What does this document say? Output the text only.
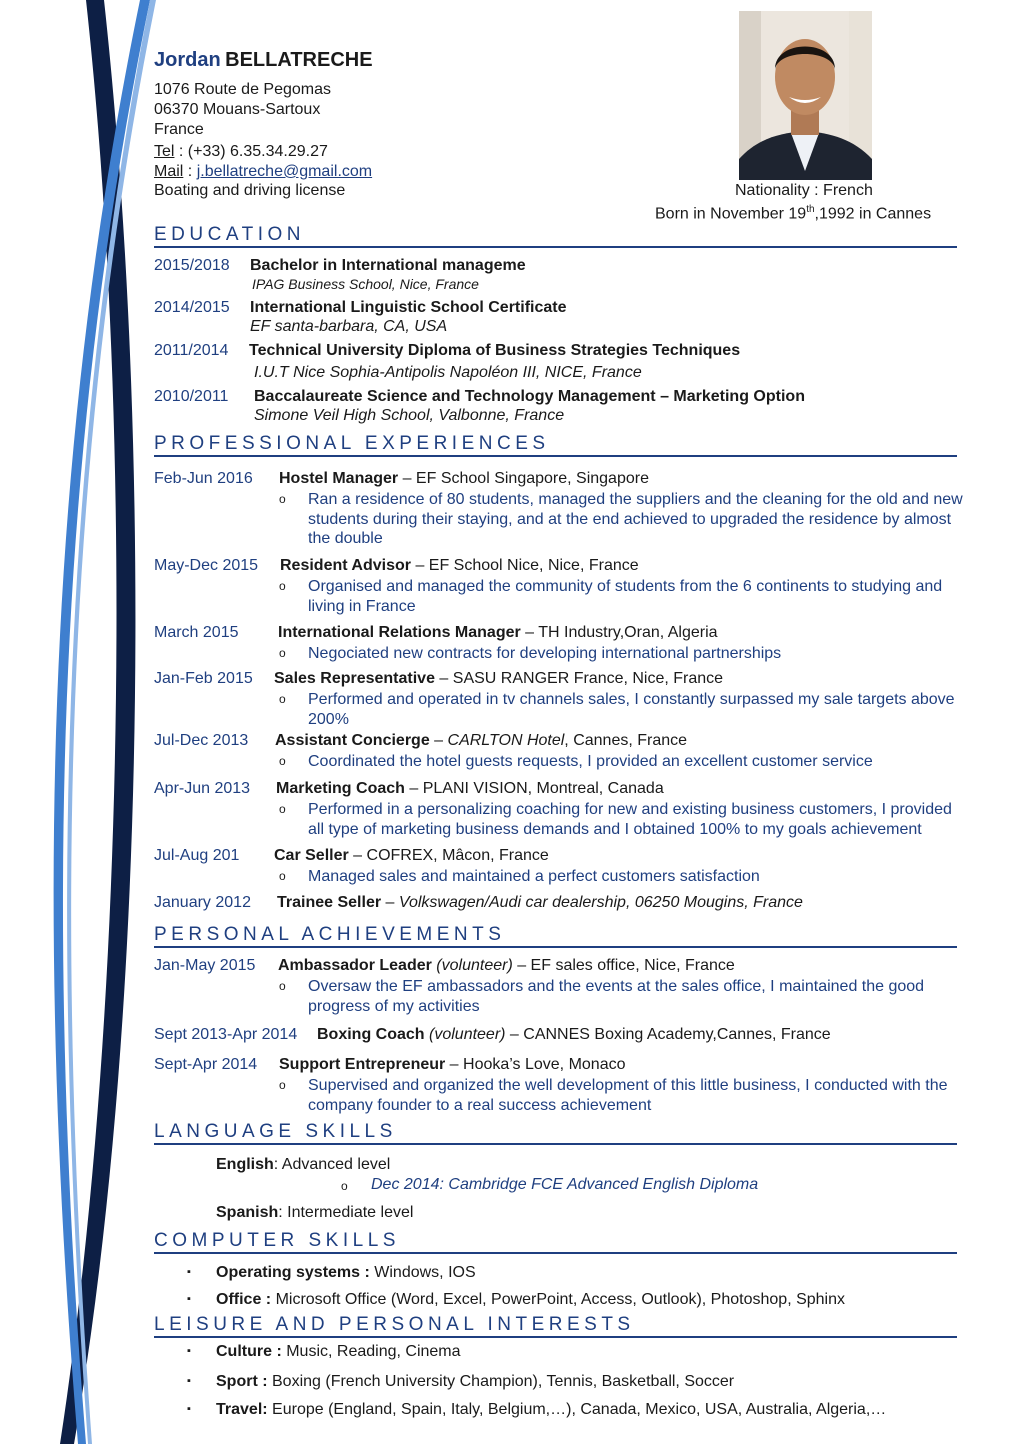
Jordan BELLATRECHE
1076 Route de Pegomas
06370 Mouans-Sartoux
France
Tel : (+33) 6.35.34.29.27
Mail : j.bellatreche@gmail.com
Boating and driving license	Nationality : French
Born in November 19th,1992 in Cannes
EDUCATION
2015/2018 Bachelor in International manageme
IPAG Business School, Nice, France
2014/2015 International Linguistic School Certificate
EF santa-barbara, CA, USA
2011/2014 Technical University Diploma of Business Strategies Techniques
I.U.T Nice Sophia-Antipolis Napoléon III, NICE, France
2010/2011 Baccalaureate Science and Technology Management – Marketing Option
Simone Veil High School, Valbonne, France
PROFESSIONAL EXPERIENCES
Feb-Jun 2016 Hostel Manager – EF School Singapore, Singapore
o Ran a residence of 80 students, managed the suppliers and the cleaning for the old and new
students during their staying, and at the end achieved to upgraded the residence by almost
the double
May-Dec 2015 Resident Advisor – EF School Nice, Nice, France
o Organised and managed the community of students from the 6 continents to studying and
living in France
March 2015 International Relations Manager – TH Industry,Oran, Algeria
o Negociated new contracts for developing international partnerships
Jan-Feb 2015 Sales Representative – SASU RANGER France, Nice, France
o Performed and operated in tv channels sales, I constantly surpassed my sale targets above
200%
Jul-Dec 2013 Assistant Concierge – CARLTON Hotel, Cannes, France
o Coordinated the hotel guests requests, I provided an excellent customer service
Apr-Jun 2013 Marketing Coach – PLANI VISION, Montreal, Canada
o Performed in a personalizing coaching for new and existing business customers, I provided
all type of marketing business demands and I obtained 100% to my goals achievement
Jul-Aug 201 Car Seller – COFREX, Mâcon, France
o Managed sales and maintained a perfect customers satisfaction
January 2012 Trainee Seller – Volkswagen/Audi car dealership, 06250 Mougins, France
PERSONAL ACHIEVEMENTS
Jan-May 2015 Ambassador Leader (volunteer) – EF sales office, Nice, France
o Oversaw the EF ambassadors and the events at the sales office, I maintained the good
progress of my activities
Sept 2013-Apr 2014 Boxing Coach (volunteer) – CANNES Boxing Academy,Cannes, France
Sept-Apr 2014 Support Entrepreneur – Hooka’s Love, Monaco
o Supervised and organized the well development of this little business, I conducted with the
company founder to a real success achievement
LANGUAGE SKILLS
English: Advanced level
o Dec 2014: Cambridge FCE Advanced English Diploma
Spanish: Intermediate level
COMPUTER SKILLS
▪ Operating systems : Windows, IOS
▪ Office : Microsoft Office (Word, Excel, PowerPoint, Access, Outlook), Photoshop, Sphinx
LEISURE AND PERSONAL INTERESTS
▪ Culture : Music, Reading, Cinema
▪ Sport : Boxing (French University Champion), Tennis, Basketball, Soccer
▪ Travel: Europe (England, Spain, Italy, Belgium,…), Canada, Mexico, USA, Australia, Algeria,…
